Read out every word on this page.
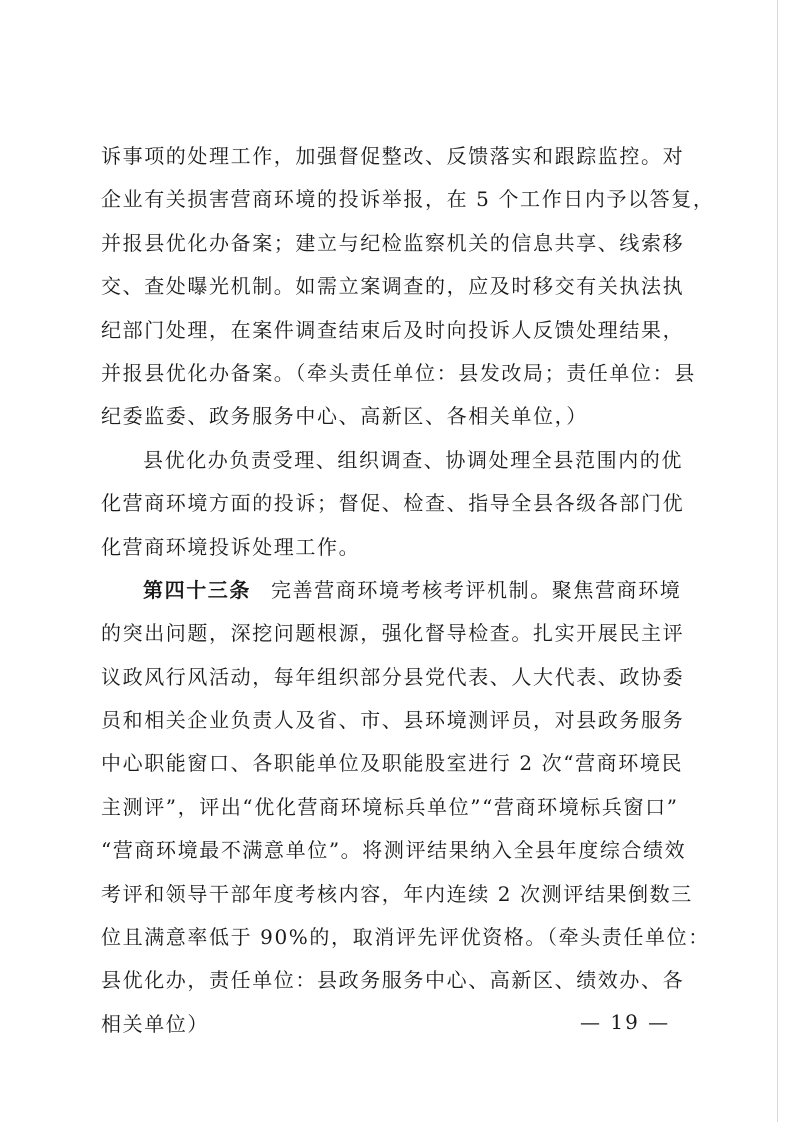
诉事项的处理工作，加强督促整改、反馈落实和跟踪监控。对
企业有关损害营商环境的投诉举报，在 5 个工作日内予以答复，
并报县优化办备案；建立与纪检监察机关的信息共享、线索移
交、查处曝光机制。如需立案调查的，应及时移交有关执法执
纪部门处理，在案件调查结束后及时向投诉人反馈处理结果，
并报县优化办备案。（牵头责任单位：县发改局；责任单位：县
纪委监委、政务服务中心、高新区、各相关单位，）
县优化办负责受理、组织调查、协调处理全县范围内的优
化营商环境方面的投诉；督促、检查、指导全县各级各部门优
化营商环境投诉处理工作。
第四十三条 完善营商环境考核考评机制。聚焦营商环境
的突出问题，深挖问题根源，强化督导检查。扎实开展民主评
议政风行风活动，每年组织部分县党代表、人大代表、政协委
员和相关企业负责人及省、市、县环境测评员，对县政务服务
中心职能窗口、各职能单位及职能股室进行 2 次“营商环境民
主测评”，评出“优化营商环境标兵单位”“营商环境标兵窗口”
“营商环境最不满意单位”。将测评结果纳入全县年度综合绩效
考评和领导干部年度考核内容，年内连续 2 次测评结果倒数三
位且满意率低于 90%的，取消评先评优资格。（牵头责任单位：
县优化办，责任单位：县政务服务中心、高新区、绩效办、各
相关单位）	— 19 —
